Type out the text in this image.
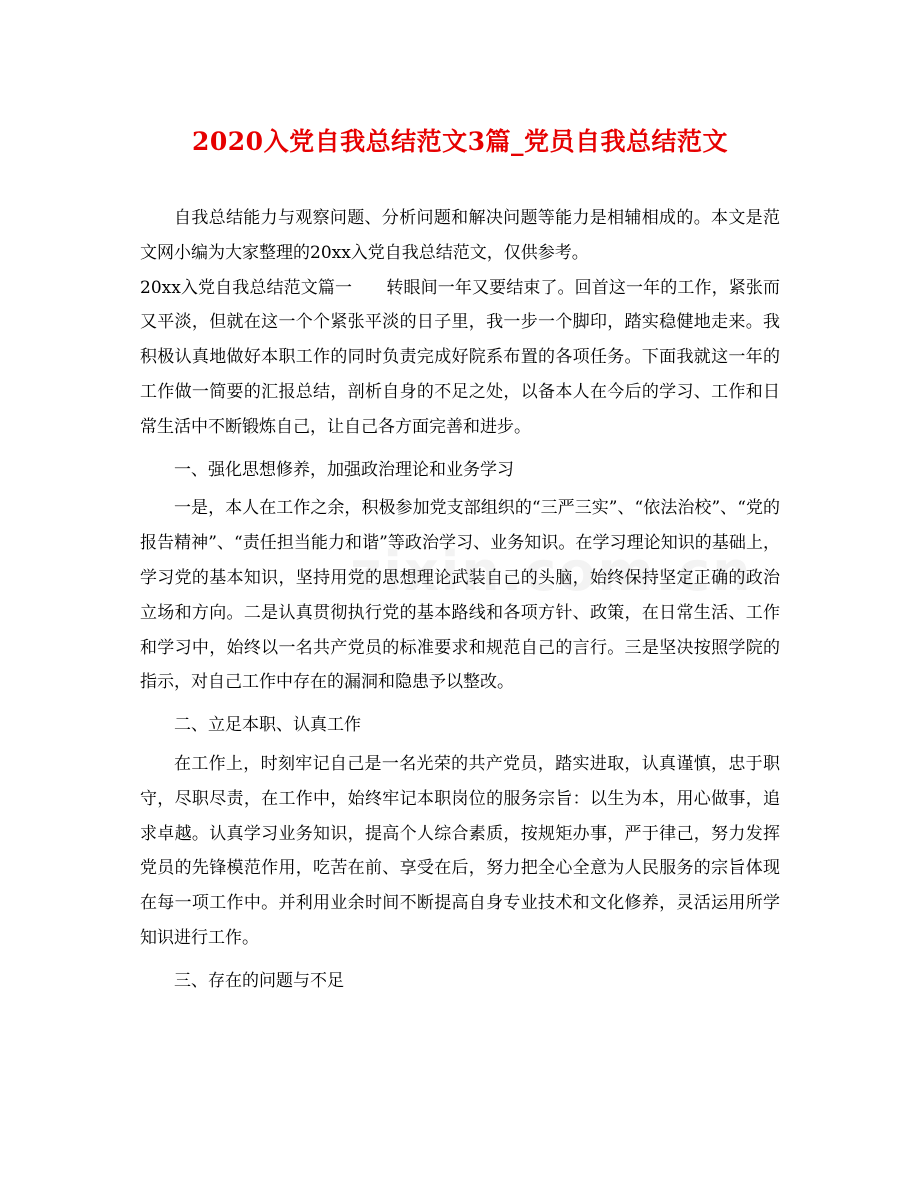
2020入党自我总结范文3篇_党员自我总结范文

自我总结能力与观察问题、分析问题和解决问题等能力是相辅相成的。本文是范文网小编为大家整理的20xx入党自我总结范文，仅供参考。

20xx入党自我总结范文篇一　　转眼间一年又要结束了。回首这一年的工作，紧张而又平淡，但就在这一个个紧张平淡的日子里，我一步一个脚印，踏实稳健地走来。我积极认真地做好本职工作的同时负责完成好院系布置的各项任务。下面我就这一年的工作做一简要的汇报总结，剖析自身的不足之处，以备本人在今后的学习、工作和日常生活中不断锻炼自己，让自己各方面完善和进步。

一、强化思想修养，加强政治理论和业务学习

一是，本人在工作之余，积极参加党支部组织的“三严三实”、“依法治校”、“党的报告精神”、“责任担当能力和谐”等政治学习、业务知识。在学习理论知识的基础上，学习党的基本知识，坚持用党的思想理论武装自己的头脑，始终保持坚定正确的政治立场和方向。二是认真贯彻执行党的基本路线和各项方针、政策，在日常生活、工作和学习中，始终以一名共产党员的标准要求和规范自己的言行。三是坚决按照学院的指示，对自己工作中存在的漏洞和隐患予以整改。

二、立足本职、认真工作

在工作上，时刻牢记自己是一名光荣的共产党员，踏实进取，认真谨慎，忠于职守，尽职尽责，在工作中，始终牢记本职岗位的服务宗旨：以生为本，用心做事，追求卓越。认真学习业务知识，提高个人综合素质，按规矩办事，严于律己，努力发挥党员的先锋模范作用，吃苦在前、享受在后，努力把全心全意为人民服务的宗旨体现在每一项工作中。并利用业余时间不断提高自身专业技术和文化修养，灵活运用所学知识进行工作。

三、存在的问题与不足
